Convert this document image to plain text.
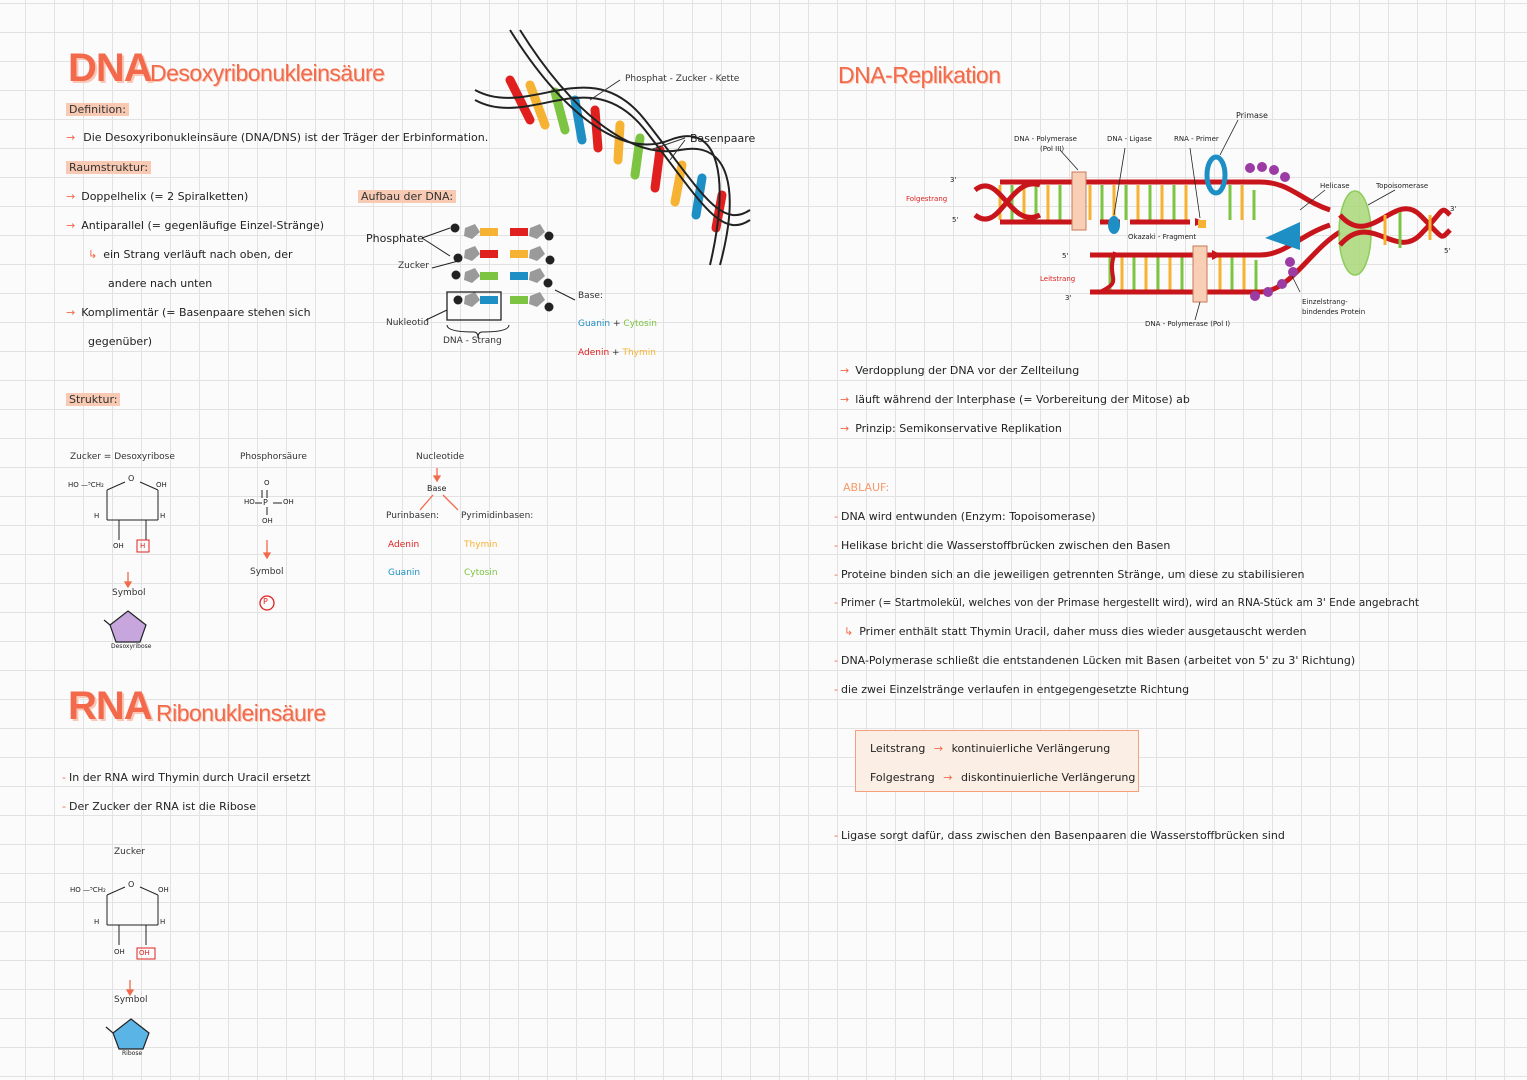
DNA
Desoxyribonukleinsäure
Definition:
→ Die Desoxyribonukleinsäure (DNA/DNS) ist der Träger der Erbinformation.
Raumstruktur:
→ Doppelhelix (= 2 Spiralketten)
→ Antiparallel (= gegenläufige Einzel-Stränge)
↳ ein Strang verläuft nach oben, der
andere nach unten
→ Komplimentär (= Basenpaare stehen sich
gegenüber)
Phosphat - Zucker - Kette
Basenpaare
Aufbau der DNA:
Phosphate
Zucker
Nukleotid
DNA - Strang
Base:
Guanin + Cytosin
Adenin + Thymin
Struktur:
Zucker = Desoxyribose	Phosphorsäure
HO —⁵CH₂
O
OH
OH H
H	H
Symbol
Desoxyribose
O
HO P OH
OH
Symbol
P
Nucleotide
Base
Purinbasen: Pyrimidinbasen:
Adenin
Guanin
Thymin
Cytosin
RNA Ribonukleinsäure
- In der RNA wird Thymin durch Uracil ersetzt
- Der Zucker der RNA ist die Ribose
Zucker
HO —⁵CH₂
O
OH
H	H
OH OH
Symbol
Ribose
DNA-Replikation
Primase
DNA - Polymerase
(Pol III)
DNA - Ligase	RNA - Primer
Helicase	Topoisomerase
Folgestrang
Leitstrang
Okazaki - Fragment
Einzelstrang-
bindendes Protein
DNA - Polymerase (Pol I)
3'
5'
5'
3'
3'
5'
→ Verdopplung der DNA vor der Zellteilung
→ läuft während der Interphase (= Vorbereitung der Mitose) ab
→ Prinzip: Semikonservative Replikation
ABLAUF:
- DNA wird entwunden (Enzym: Topoisomerase)
- Helikase bricht die Wasserstoffbrücken zwischen den Basen
- Proteine binden sich an die jeweiligen getrennten Stränge, um diese zu stabilisieren
- Primer (= Startmolekül, welches von der Primase hergestellt wird), wird an RNA-Stück am 3' Ende angebracht
↳ Primer enthält statt Thymin Uracil, daher muss dies wieder ausgetauscht werden
- DNA-Polymerase schließt die entstandenen Lücken mit Basen (arbeitet von 5' zu 3' Richtung)
- die zwei Einzelstränge verlaufen in entgegengesetzte Richtung
Leitstrang → kontinuierliche Verlängerung
Folgestrang → diskontinuierliche Verlängerung
- Ligase sorgt dafür, dass zwischen den Basenpaaren die Wasserstoffbrücken sind
